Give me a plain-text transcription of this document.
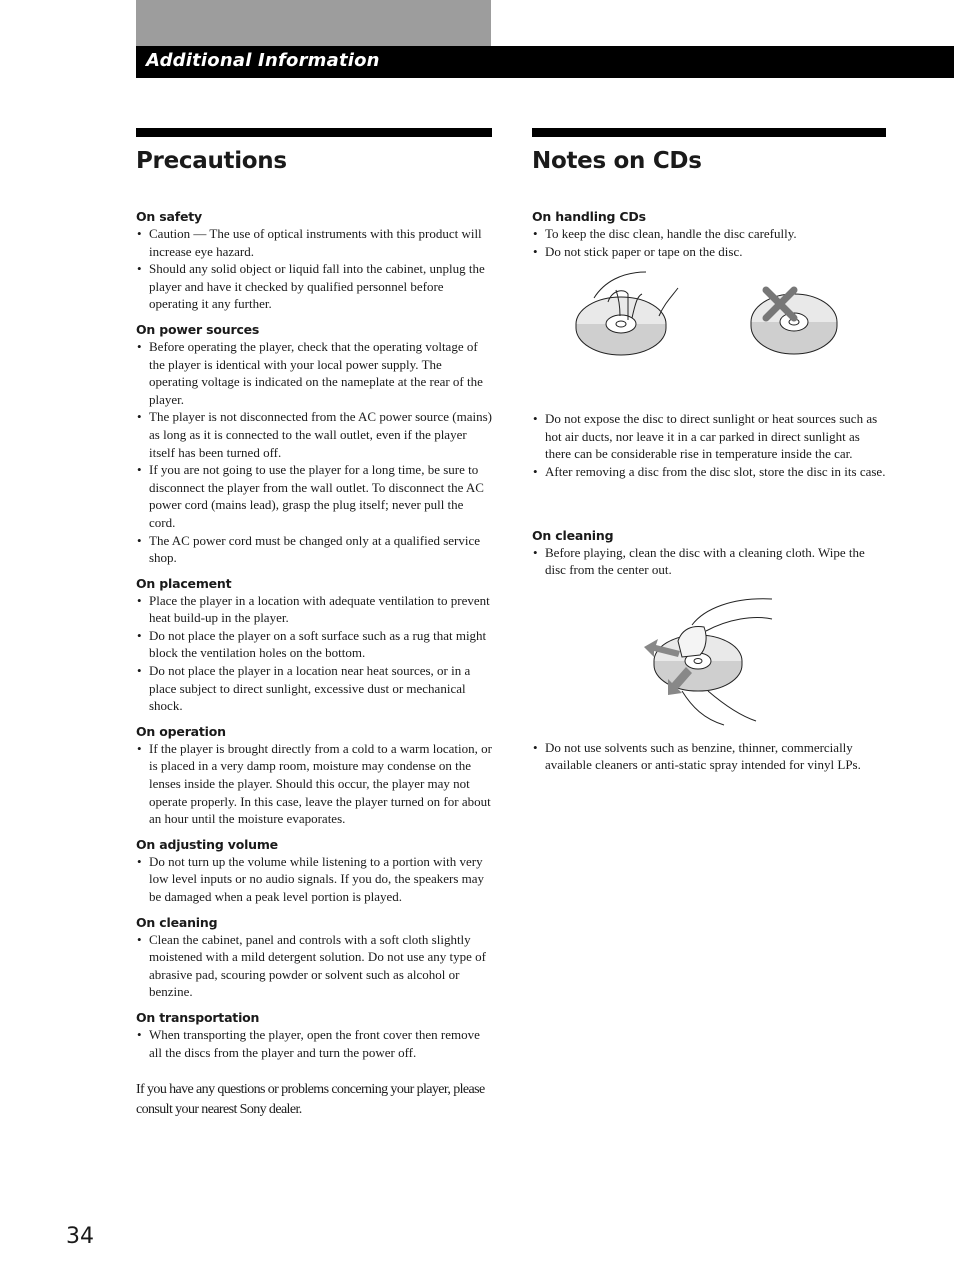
Additional Information
Precautions
On safety
• Caution — The use of optical instruments with this product will increase eye hazard.
• Should any solid object or liquid fall into the cabinet, unplug the player and have it checked by qualified personnel before operating it any further.
On power sources
• Before operating the player, check that the operating voltage of the player is identical with your local power supply. The operating voltage is indicated on the nameplate at the rear of the player.
• The player is not disconnected from the AC power source (mains) as long as it is connected to the wall outlet, even if the player itself has been turned off.
• If you are not going to use the player for a long time, be sure to disconnect the player from the wall outlet. To disconnect the AC power cord (mains lead), grasp the plug itself; never pull the cord.
• The AC power cord must be changed only at a qualified service shop.
On placement
• Place the player in a location with adequate ventilation to prevent heat build-up in the player.
• Do not place the player on a soft surface such as a rug that might block the ventilation holes on the bottom.
• Do not place the player in a location near heat sources, or in a place subject to direct sunlight, excessive dust or mechanical shock.
On operation
• If the player is brought directly from a cold to a warm location, or is placed in a very damp room, moisture may condense on the lenses inside the player. Should this occur, the player may not operate properly. In this case, leave the player turned on for about an hour until the moisture evaporates.
On adjusting volume
• Do not turn up the volume while listening to a portion with very low level inputs or no audio signals. If you do, the speakers may be damaged when a peak level portion is played.
On cleaning
• Clean the cabinet, panel and controls with a soft cloth slightly moistened with a mild detergent solution. Do not use any type of abrasive pad, scouring powder or solvent such as alcohol or benzine.
On transportation
• When transporting the player, open the front cover then remove all the discs from the player and turn the power off.

If you have any questions or problems concerning your player, please consult your nearest Sony dealer.

Notes on CDs
On handling CDs
• To keep the disc clean, handle the disc carefully.
• Do not stick paper or tape on the disc.
• Do not expose the disc to direct sunlight or heat sources such as hot air ducts, nor leave it in a car parked in direct sunlight as there can be considerable rise in temperature inside the car.
• After removing a disc from the disc slot, store the disc in its case.
On cleaning
• Before playing, clean the disc with a cleaning cloth. Wipe the disc from the center out.
• Do not use solvents such as benzine, thinner, commercially available cleaners or anti-static spray intended for vinyl LPs.
34
